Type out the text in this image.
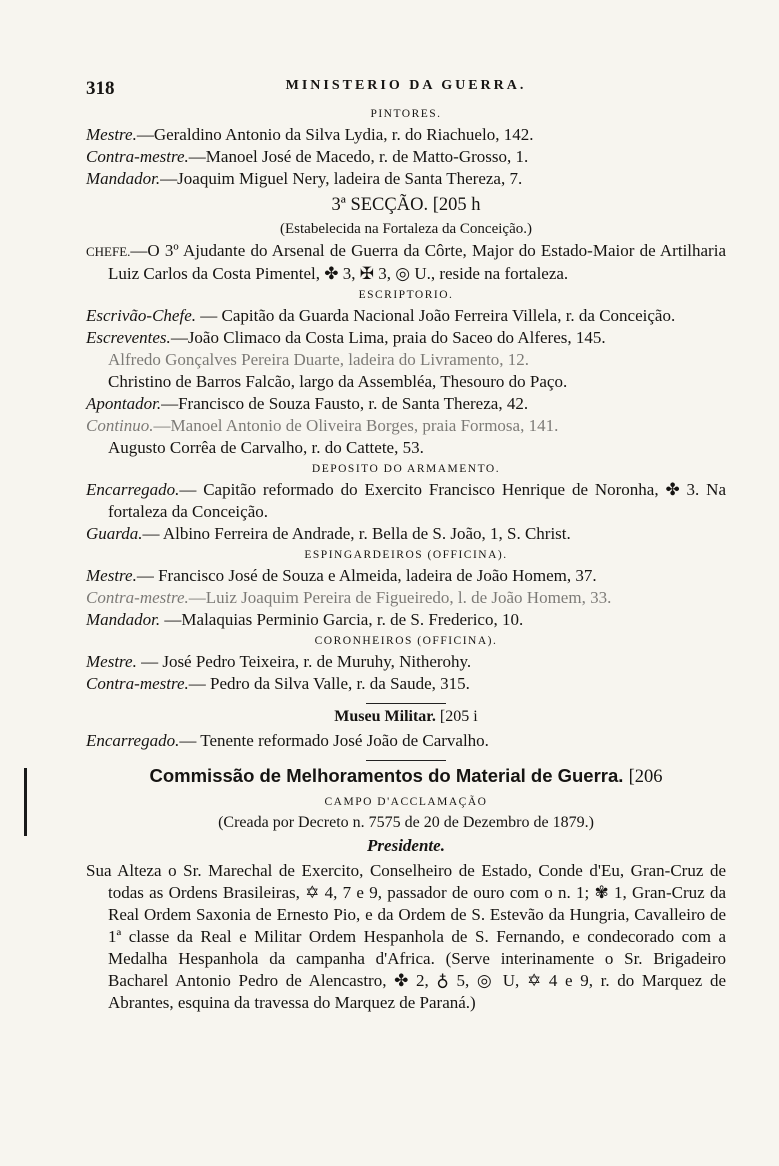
318	MINISTERIO DA GUERRA.
PINTORES.

Mestre.—Geraldino Antonio da Silva Lydia, r. do Riachuelo, 142.

Contra-mestre.—Manoel José de Macedo, r. de Matto-Grosso, 1.

Mandador.—Joaquim Miguel Nery, ladeira de Santa Thereza, 7.

3ª SECÇÃO. [205 h
(Estabelecida na Fortaleza da Conceição.)

CHEFE.—O 3º Ajudante do Arsenal de Guerra da Côrte, Major do Estado-Maior de Artilharia Luiz Carlos da Costa Pimentel, ✤ 3, ✠ 3, ◎ U., reside na fortaleza.

ESCRIPTORIO.

Escrivão-Chefe. — Capitão da Guarda Nacional João Ferreira Villela, r. da Conceição.

Escreventes.—João Climaco da Costa Lima, praia do Saceo do Alferes, 145.

Alfredo Gonçalves Pereira Duarte, ladeira do Livramento, 12.

Christino de Barros Falcão, largo da Assembléa, Thesouro do Paço.

Apontador.—Francisco de Souza Fausto, r. de Santa Thereza, 42.

Continuo.—Manoel Antonio de Oliveira Borges, praia Formosa, 141.

Augusto Corrêa de Carvalho, r. do Cattete, 53.

DEPOSITO DO ARMAMENTO.

Encarregado.— Capitão reformado do Exercito Francisco Henrique de Noronha, ✤ 3. Na fortaleza da Conceição.

Guarda.— Albino Ferreira de Andrade, r. Bella de S. João, 1, S. Christ.

ESPINGARDEIROS (OFFICINA).

Mestre.— Francisco José de Souza e Almeida, ladeira de João Homem, 37.

Contra-mestre.—Luiz Joaquim Pereira de Figueiredo, l. de João Homem, 33.

Mandador. —Malaquias Perminio Garcia, r. de S. Frederico, 10.

CORONHEIROS (OFFICINA).

Mestre. — José Pedro Teixeira, r. de Muruhy, Nitherohy.

Contra-mestre.— Pedro da Silva Valle, r. da Saude, 315.

Museu Militar. [205 i

Encarregado.— Tenente reformado José João de Carvalho.

Commissão de Melhoramentos do Material de Guerra. [206
CAMPO D'ACCLAMAÇÃO
(Creada por Decreto n. 7575 de 20 de Dezembro de 1879.)
Presidente.

Sua Alteza o Sr. Marechal de Exercito, Conselheiro de Estado, Conde d'Eu, Gran-Cruz de todas as Ordens Brasileiras, ✡ 4, 7 e 9, passador de ouro com o n. 1; ✾ 1, Gran-Cruz da Real Ordem Saxonia de Ernesto Pio, e da Ordem de S. Estevão da Hungria, Cavalleiro de 1ª classe da Real e Militar Ordem Hespanhola de S. Fernando, e condecorado com a Medalha Hespanhola da campanha d'Africa. (Serve interinamente o Sr. Brigadeiro Bacharel Antonio Pedro de Alencastro, ✤ 2, ♁ 5, ◎ U, ✡ 4 e 9, r. do Marquez de Abrantes, esquina da travessa do Marquez de Paraná.)
